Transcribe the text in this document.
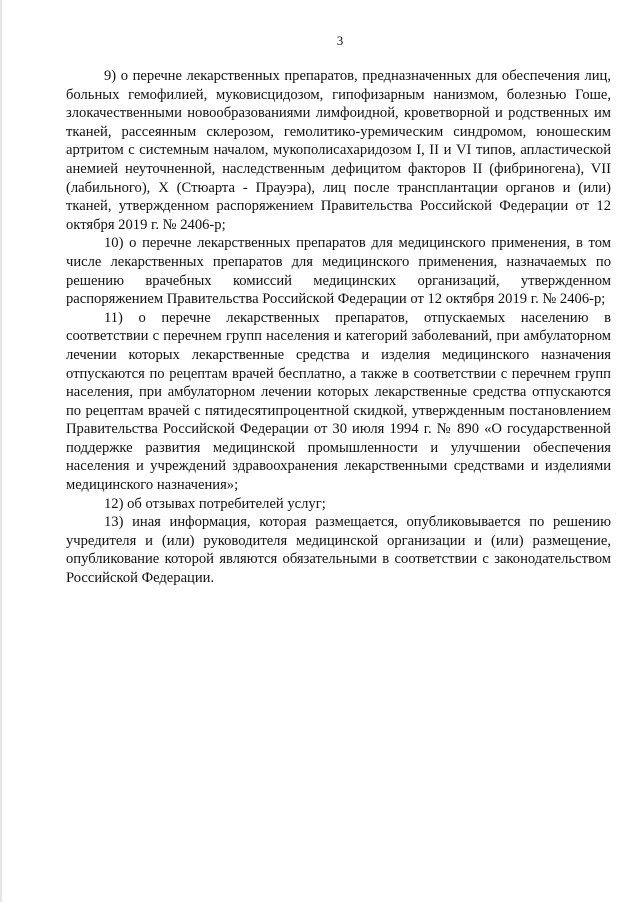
3

9) о перечне лекарственных препаратов, предназначенных для обеспечения лиц, больных гемофилией, муковисцидозом, гипофизарным нанизмом, болезнью Гоше, злокачественными новообразованиями лимфоидной, кроветворной и родственных им тканей, рассеянным склерозом, гемолитико-уремическим синдромом, юношеским артритом с системным началом, мукополисахаридозом I, II и VI типов, апластической анемией неуточненной, наследственным дефицитом факторов II (фибриногена), VII (лабильного), X (Стюарта - Прауэра), лиц после трансплантации органов и (или) тканей, утвержденном распоряжением Правительства Российской Федерации от 12 октября 2019 г. № 2406-р;

10) о перечне лекарственных препаратов для медицинского применения, в том числе лекарственных препаратов для медицинского применения, назначаемых по решению врачебных комиссий медицинских организаций, утвержденном распоряжением Правительства Российской Федерации от 12 октября 2019 г. № 2406-р;

11) о перечне лекарственных препаратов, отпускаемых населению в соответствии с перечнем групп населения и категорий заболеваний, при амбулаторном лечении которых лекарственные средства и изделия медицинского назначения отпускаются по рецептам врачей бесплатно, а также в соответствии с перечнем групп населения, при амбулаторном лечении которых лекарственные средства отпускаются по рецептам врачей с пятидесятипроцентной скидкой, утвержденным постановлением Правительства Российской Федерации от 30 июля 1994 г. № 890 «О государственной поддержке развития медицинской промышленности и улучшении обеспечения населения и учреждений здравоохранения лекарственными средствами и изделиями медицинского назначения»;

12) об отзывах потребителей услуг;

13) иная информация, которая размещается, опубликовывается по решению учредителя и (или) руководителя медицинской организации и (или) размещение, опубликование которой являются обязательными в соответствии с законодательством Российской Федерации.
